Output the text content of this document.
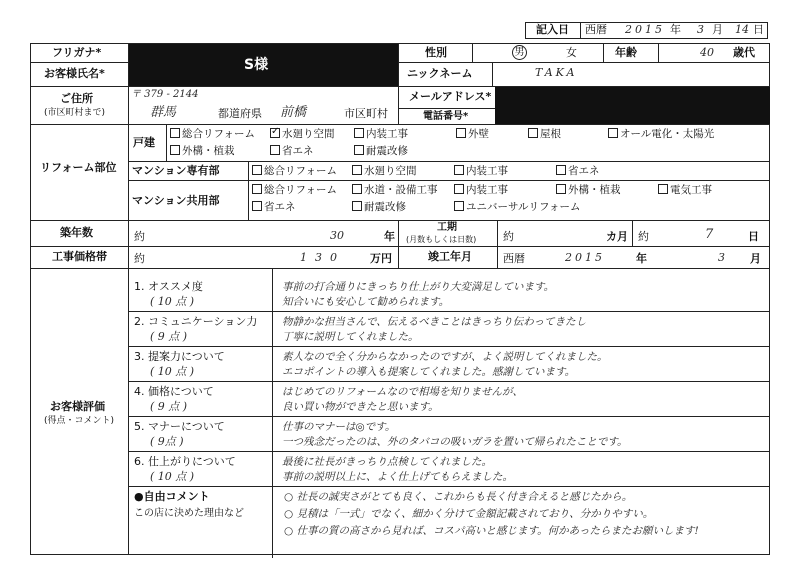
記入日 西暦 2015 年 3 月 14 日
S様
フリガナ*
お客様氏名*
性別	男	女	年齢	40 歳代
ニックネーム	TAKA
ご住所
(市区町村まで)
〒 379 - 2144
群馬	都道府県 前橋	市区町村
メールアドレス*
電話番号*
リフォーム部位
戸建
総合リフォーム
✓	水廻り空間	内装工事	外壁	屋根	オール電化・太陽光
外構・植栽	省エネ	耐震改修
マンション専有部	総合リフォーム	水廻り空間	内装工事	省エネ
マンション共用部
総合リフォーム	水道・設備工事	内装工事	外構・植栽	電気工事
省エネ	耐震改修	ユニバーサルリフォーム
築年数	約	30	年
工期
(月数もしくは日数) 約	カ月 約	7	日
工事価格帯 約	130 万円	竣工年月	西暦	2015	年	3 月
お客様評価
(得点・コメント)
1. オススメ度
( 10 点 )
事前の打合通りにきっちり仕上がり大変満足しています。
知合いにも安心して勧められます。
2. コミュニケーション力
( 9 点 )
物静かな担当さんで、伝えるべきことはきっちり伝わってきたし
丁寧に説明してくれました。
3. 提案力について
( 10 点 )
素人なので全く分からなかったのですが、よく説明してくれました。
エコポイントの導入も提案してくれました。感謝しています。
4. 価格について
( 9 点 )
はじめてのリフォームなので相場を知りませんが、
良い買い物ができたと思います。
5. マナーについて
( 9点 )
仕事のマナーは◎です。
一つ残念だったのは、外のタバコの吸いガラを置いて帰られたことです。
6. 仕上がりについて
( 10 点 )
最後に社長がきっちり点検してくれました。
事前の説明以上に、よく仕上げてもらえました。
●自由コメント
この店に決めた理由など
○ 社長の誠実さがとても良く、これからも長く付き合えると感じたから。
○ 見積は「一式」でなく、細かく分けて金額記載されており、分かりやすい。
○ 仕事の質の高さから見れば、コスパ高いと感じます。何かあったらまたお願いします!
